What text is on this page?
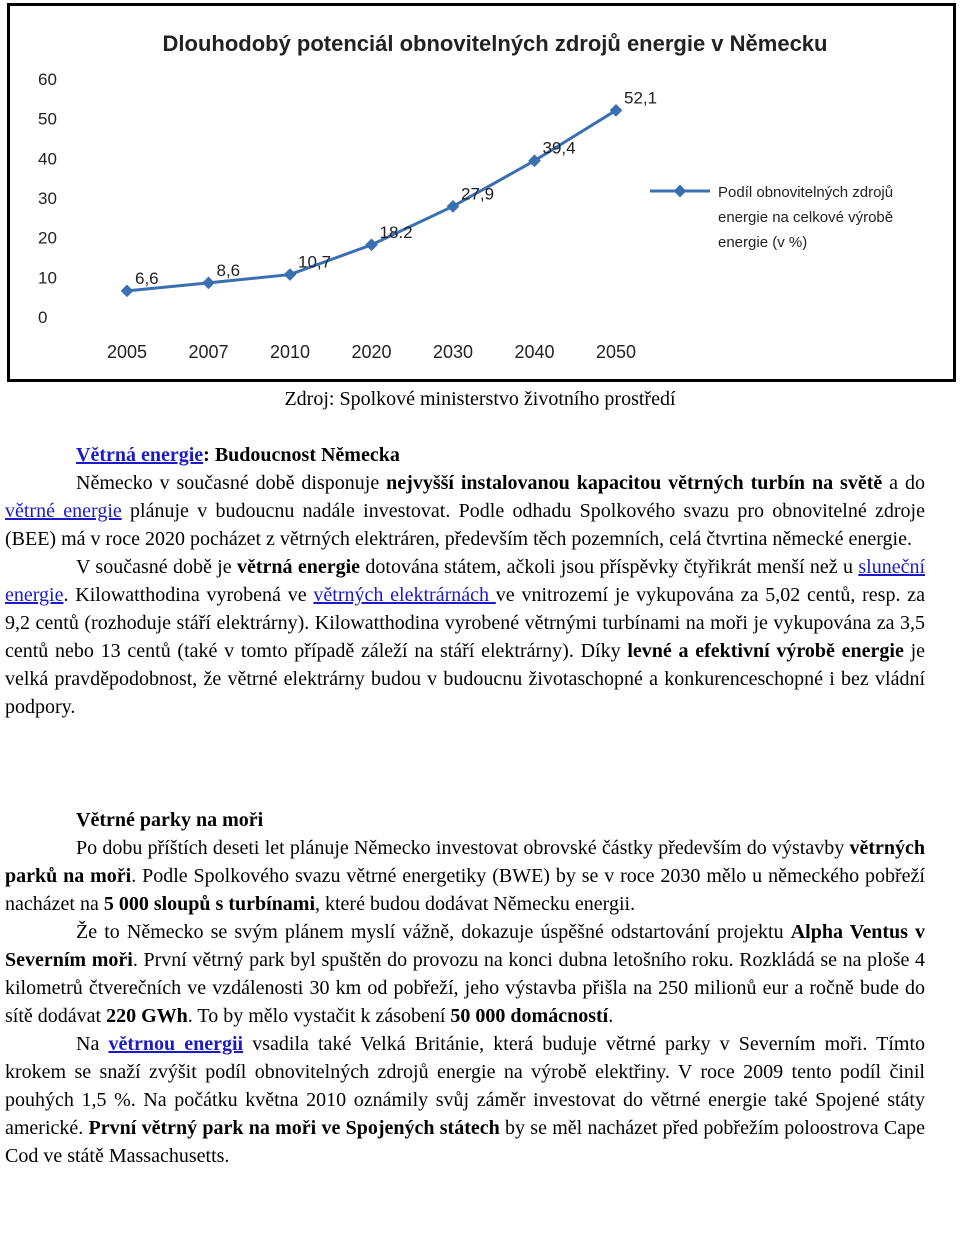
Dlouhodobý potenciál obnovitelných zdrojů energie v Německu
60
50
40
30
20
10
0
2005 2007 2010 2020 2030 2040 2050
6,6	8,6	10,7
18.2
27,9
39,4
52,1
Podíl obnovitelných zdrojů
energie na celkové výrobě
energie (v %)
Zdroj: Spolkové ministerstvo životního prostředí

Větrná energie: Budoucnost Německa

Německo v současné době disponuje nejvyšší instalovanou kapacitou větrných turbín na světě a do větrné energie plánuje v budoucnu nadále investovat. Podle odhadu Spolkového svazu pro obnovitelné zdroje (BEE) má v roce 2020 pocházet z větrných elektráren, především těch pozemních, celá čtvrtina německé energie.

V současné době je větrná energie dotována státem, ačkoli jsou příspěvky čtyřikrát menší než u sluneční energie. Kilowatthodina vyrobená ve větrných elektrárnách ve vnitrozemí je vykupována za 5,02 centů, resp. za 9,2 centů (rozhoduje stáří elektrárny). Kilowatthodina vyrobené větrnými turbínami na moři je vykupována za 3,5 centů nebo 13 centů (také v tomto případě záleží na stáří elektrárny). Díky levné a efektivní výrobě energie je velká pravděpodobnost, že větrné elektrárny budou v budoucnu životaschopné a konkurenceschopné i bez vládní podpory.

Větrné parky na moři

Po dobu příštích deseti let plánuje Německo investovat obrovské částky především do výstavby větrných parků na moři. Podle Spolkového svazu větrné energetiky (BWE) by se v roce 2030 mělo u německého pobřeží nacházet na 5 000 sloupů s turbínami, které budou dodávat Německu energii.

Že to Německo se svým plánem myslí vážně, dokazuje úspěšné odstartování projektu Alpha Ventus v Severním moři. První větrný park byl spuštěn do provozu na konci dubna letošního roku. Rozkládá se na ploše 4 kilometrů čtverečních ve vzdálenosti 30 km od pobřeží, jeho výstavba přišla na 250 milionů eur a ročně bude do sítě dodávat 220 GWh. To by mělo vystačit k zásobení 50 000 domácností.

Na větrnou energii vsadila také Velká Británie, která buduje větrné parky v Severním moři. Tímto krokem se snaží zvýšit podíl obnovitelných zdrojů energie na výrobě elektřiny. V roce 2009 tento podíl činil pouhých 1,5 %. Na počátku května 2010 oznámily svůj záměr investovat do větrné energie také Spojené státy americké. První větrný park na moři ve Spojených státech by se měl nacházet před pobřežím poloostrova Cape Cod ve státě Massachusetts.
